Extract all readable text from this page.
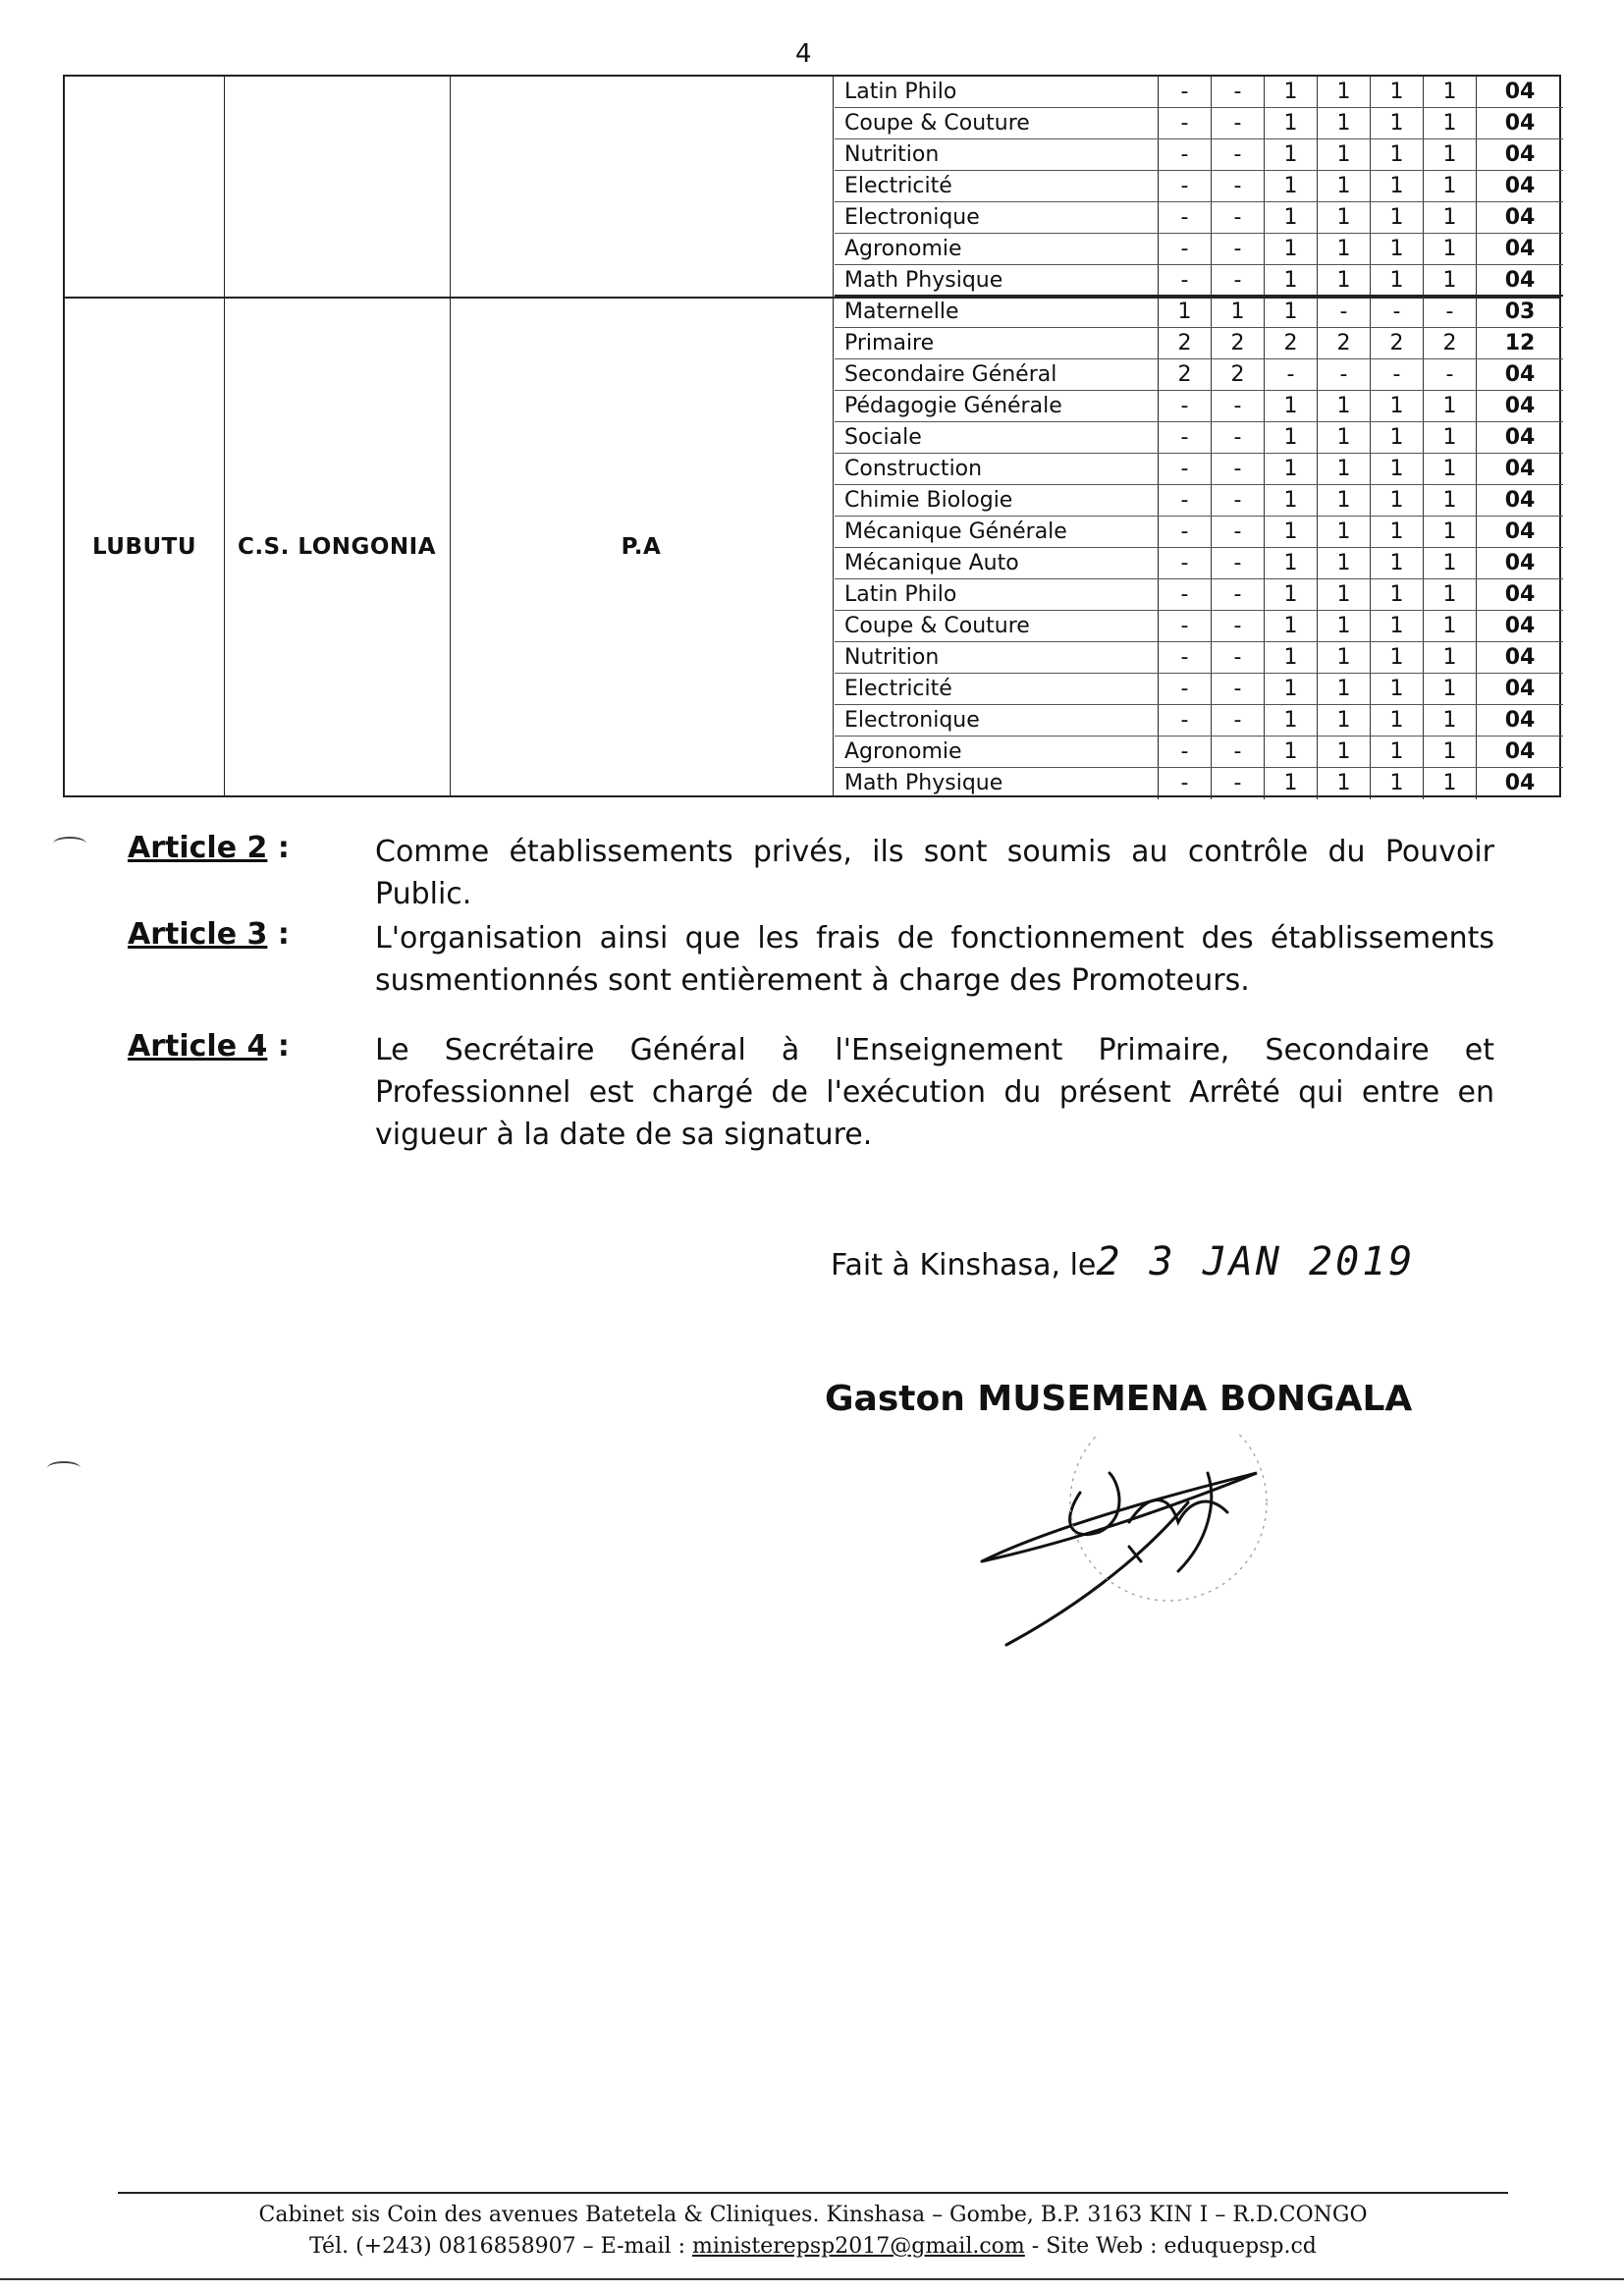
4
LUBUTU	C.S. LONGONIA	P.A
Latin Philo	-	-	1	1	1	1	04
Coupe & Couture	-	-	1	1	1	1	04
Nutrition	-	-	1	1	1	1	04
Electricité	-	-	1	1	1	1	04
Electronique	-	-	1	1	1	1	04
Agronomie	-	-	1	1	1	1	04
Math Physique	-	-	1	1	1	1	04
Maternelle	1	1	1	-	-	-	03
Primaire	2	2	2	2	2	2	12
Secondaire Général	2	2	-	-	-	-	04
Pédagogie Générale	-	-	1	1	1	1	04
Sociale	-	-	1	1	1	1	04
Construction	-	-	1	1	1	1	04
Chimie Biologie	-	-	1	1	1	1	04
Mécanique Générale	-	-	1	1	1	1	04
Mécanique Auto	-	-	1	1	1	1	04
Latin Philo	-	-	1	1	1	1	04
Coupe & Couture	-	-	1	1	1	1	04
Nutrition	-	-	1	1	1	1	04
Electricité	-	-	1	1	1	1	04
Electronique	-	-	1	1	1	1	04
Agronomie	-	-	1	1	1	1	04
Math Physique	-	-	1	1	1	1	04
Article 2 :	Comme établissements privés, ils sont soumis au contrôle du Pouvoir Public.
Article 3 :	L'organisation ainsi que les frais de fonctionnement des établissements susmentionnés sont entièrement à charge des Promoteurs.
Article 4 :	Le Secrétaire Général à l'Enseignement Primaire, Secondaire et Professionnel est chargé de l'exécution du présent Arrêté qui entre en vigueur à la date de sa signature.
Fait à Kinshasa, le2 3 JAN 2019
Gaston MUSEMENA BONGALA
Cabinet sis Coin des avenues Batetela & Cliniques. Kinshasa – Gombe, B.P. 3163 KIN I – R.D.CONGO
Tél. (+243) 0816858907 – E-mail : ministerepsp2017@gmail.com - Site Web : eduquepsp.cd
